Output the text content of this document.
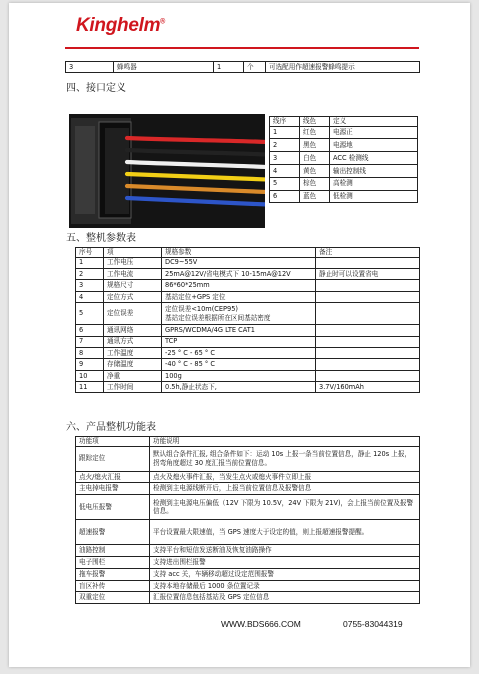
Kinghelm®
3	蜂鸣器	1	个	可选配用作超速报警蜂鸣提示
四、接口定义
线序	线色	定义
1	红色	电源正
2	黑色	电源地
3	白色	ACC 检测线
4	黄色	输出控制线
5	棕色	高检测
6	蓝色	低检测
五、整机参数表
序号	项	规格参数	备注
1	工作电压	DC9~55V	
2	工作电流	25mA@12V/省电模式下 10-15mA@12V	静止时可以设置省电
3	规格尺寸	86*60*25mm	
4	定位方式	基站定位+GPS 定位	
5	定位误差	定位误差<10m(CEP95)
基站定位误差根据所在区间基站密度	
6	通讯网络	GPRS/WCDMA/4G LTE CAT1	
7	通讯方式	TCP	
8	工作温度	-25 ° C - 65 ° C	
9	存储温度	-40 ° C - 85 ° C	
10	净重	100g	
11	工作时间	0.5h,静止状态下,	3.7V/160mAh
六、产品整机功能表
功能项	功能说明
跟踪定位	默认组合条件汇报, 组合条件如下：运动 10s 上报一条当前位置信息，静止 120s 上报，拐弯角度超过 30 度汇报当前位置信息。
点火/熄火汇报	点火及熄火事件汇报，当发生点火或熄火事件立即上报
主电掉电报警	检测到主电源线断开后，上报当前位置信息及报警信息
低电压报警	检测到主电源电压偏低（12V 下限为 10.5V，24V 下限为 21V)，会上报当前位置及报警信息。
超速报警	平台设置最大限速值，当 GPS 速度大于设定的值，则上报超速报警提醒。
油路控制	支持平台和短信发送断油及恢复油路操作
电子围栏	支持进出围栏报警
拖车报警	支持 acc 关，车辆移动超过设定范围报警
盲区补传	支持本地存储最后 1000 条位置记录
双重定位	汇报位置信息包括基站及 GPS 定位信息
WWW.BDS666.COM	0755-83044319
